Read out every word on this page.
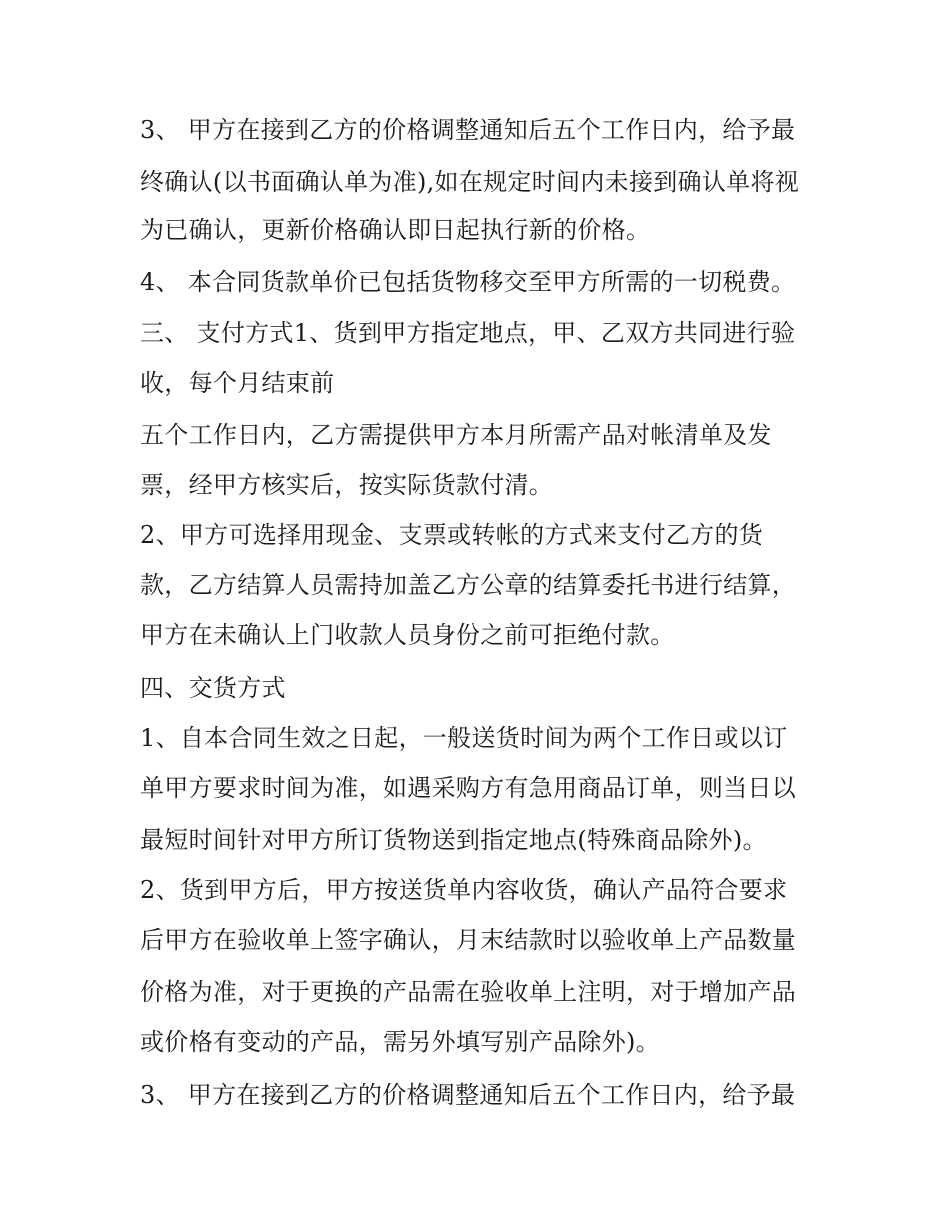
3、 甲方在接到乙方的价格调整通知后五个工作日内，给予最
终确认(以书面确认单为准),如在规定时间内未接到确认单将视
为已确认，更新价格确认即日起执行新的价格。
4、 本合同货款单价已包括货物移交至甲方所需的一切税费。
三、 支付方式1、货到甲方指定地点，甲、乙双方共同进行验
收，每个月结束前
五个工作日内，乙方需提供甲方本月所需产品对帐清单及发
票，经甲方核实后，按实际货款付清。
2、甲方可选择用现金、支票或转帐的方式来支付乙方的货
款，乙方结算人员需持加盖乙方公章的结算委托书进行结算，
甲方在未确认上门收款人员身份之前可拒绝付款。
四、交货方式
1、自本合同生效之日起，一般送货时间为两个工作日或以订
单甲方要求时间为准，如遇采购方有急用商品订单，则当日以
最短时间针对甲方所订货物送到指定地点(特殊商品除外)。
2、货到甲方后，甲方按送货单内容收货，确认产品符合要求
后甲方在验收单上签字确认，月末结款时以验收单上产品数量
价格为准，对于更换的产品需在验收单上注明，对于增加产品
或价格有变动的产品，需另外填写别产品除外)。
3、 甲方在接到乙方的价格调整通知后五个工作日内，给予最
